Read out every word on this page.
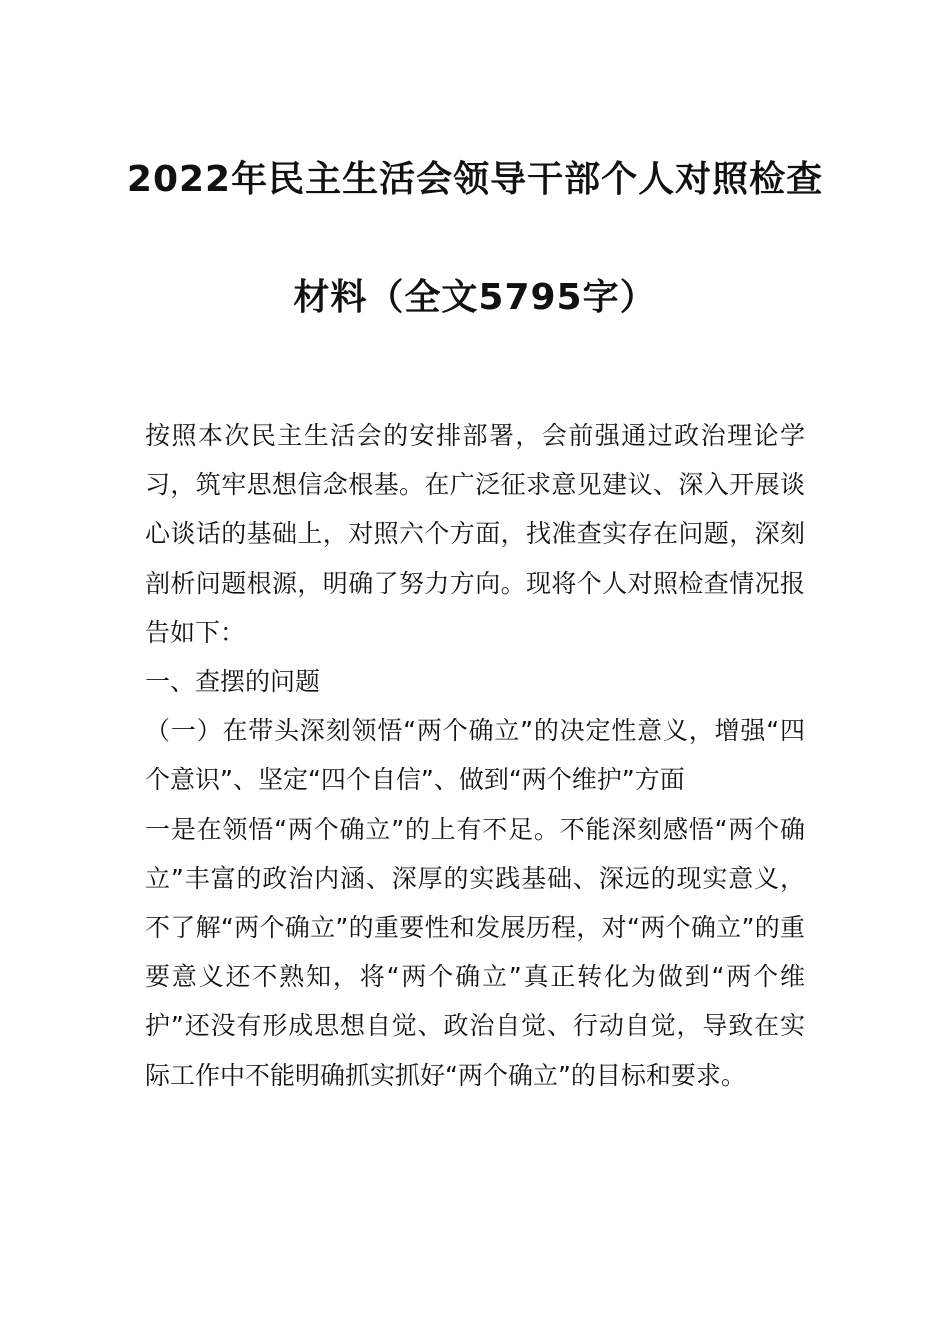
2022年民主生活会领导干部个人对照检查
材料（全文5795字）

按照本次民主生活会的安排部署，会前强通过政治理论学习，筑牢思想信念根基。在广泛征求意见建议、深入开展谈心谈话的基础上，对照六个方面，找准查实存在问题，深刻剖析问题根源，明确了努力方向。现将个人对照检查情况报告如下：

一、查摆的问题

（一）在带头深刻领悟“两个确立”的决定性意义，增强“四个意识”、坚定“四个自信”、做到“两个维护”方面

一是在领悟“两个确立”的上有不足。不能深刻感悟“两个确立”丰富的政治内涵、深厚的实践基础、深远的现实意义，不了解“两个确立”的重要性和发展历程，对“两个确立”的重要意义还不熟知，将“两个确立”真正转化为做到“两个维护”还没有形成思想自觉、政治自觉、行动自觉，导致在实际工作中不能明确抓实抓好“两个确立”的目标和要求。
